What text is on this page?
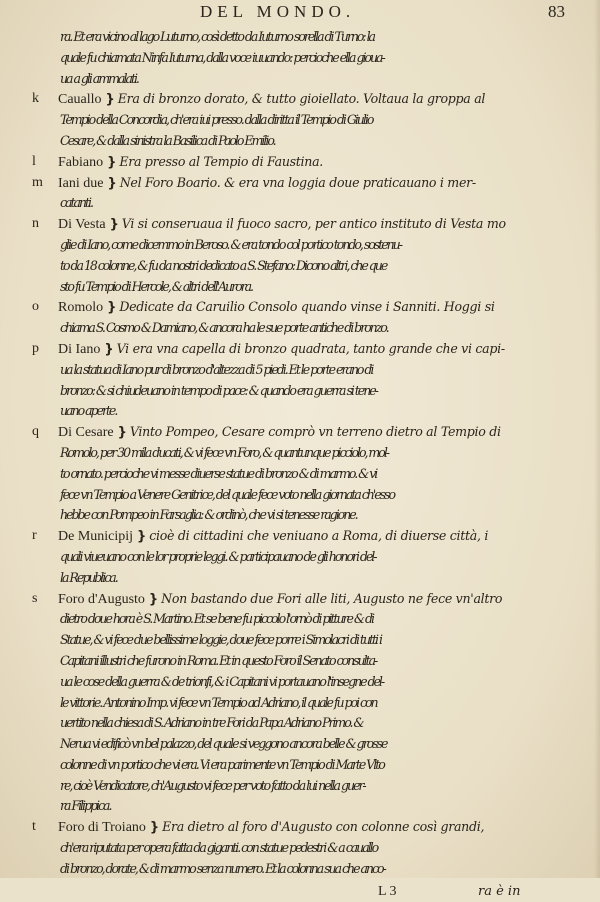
DEL MONDO.	83
ra. Et era vicino al lago Luturno, così detto da Iuturno sorella di Turno: la
quale fu chiamata Ninfa Iuturna, dalla voce iuuando: percioche ella gioua-
ua a gli ammalati.
k Cauallo } Era di bronzo dorato, & tutto gioiellato. Voltaua la groppa al
Tempio della Concordia, ch'era iui presso. dalla diritta il Tempio di Giulio
Cesare, & dalla sinistra la Basilica di Paolo Emilio.
l Fabiano } Era presso al Tempio di Faustina.
m Iani due } Nel Foro Boario. & era vna loggia doue praticauano i mer-
catanti.
n Di Vesta } Vi si conseruaua il fuoco sacro, per antico instituto di Vesta mo
glie di Iano, come dicemmo in Beroso. & era tondo col portico tondo, sostenu-
to da 18 colonne, & fu da nostri dedicato a S. Stefano: Dicono altri, che que
sto fu Tempio di Hercole, & altri dell'Aurora.
o Romolo } Dedicate da Caruilio Consolo quando vinse i Sanniti. Hoggi si
chiama S. Cosmo & Damiano, & ancora ha le sue porte antiche di bronzo.
p Di Iano } Vi era vna capella di bronzo quadrata, tanto grande che vi capi-
ua la statua di Iano pur di bronzo d'altezza di 5 piedi. Et le porte erano di
bronzo: & si chiudeuano in tempo di pace: & quando era guerra si tene-
uano aperte.
q Di Cesare } Vinto Pompeo, Cesare comprò vn terreno dietro al Tempio di
Romolo, per 30 mila ducati, & vi fece vn Foro, & quantunque picciolo, mol-
to ornato. percioche vi messe diuerse statue di bronzo & di marmo. & vi
fece vn Tempio a Venere Genitrice, del quale fece voto nella giornata ch'esso
hebbe con Pompeo in Farsaglia: & ordinò, che vi si tenesse ragione.
r De Municipij } cioè di cittadini che veniuano a Roma, di diuerse città, i
quali viueuano con le lor proprie leggi. & participauano de gli honori del-
la Republica.
s Foro d'Augusto } Non bastando due Fori alle liti, Augusto ne fece vn'altro
dietro doue hora è S. Martino. Et se bene fu piccolo l'ornò di pitture & di
Statue, & vi fece due bellissime loggie, doue fece porre i Simolacri di tutti i
Capitani illustri che furono in Roma. Et in questo Foro il Senato consulta-
ua le cose della guerra & de trionfi, & i Capitani vi portauano l'insegne del-
le vittorie. Antonino Imp. vi fece vn Tempio ad Adriano, il quale fu poi con
uertito nella chiesa di S. Adriano in tre Fori da Papa Adriano Primo. &
Nerua vi edificò vn bel palazzo, del quale si veggono ancora belle & grosse
colonne di vn portico che vi era. Vi era parimente vn Tempio di Marte Vlto
re, cioè Vendicatore, ch'Augusto vi fece per voto fatto da lui nella guer-
ra Filippica.
t Foro di Troiano } Era dietro al foro d'Augusto con colonne così grandi,
ch'era riputata per opera fatta da giganti. con statue pedestri & a cauallo
di bronzo, dorate, & di marmo senza numero. Et la colonna sua che anco-
L 3	ra è in
